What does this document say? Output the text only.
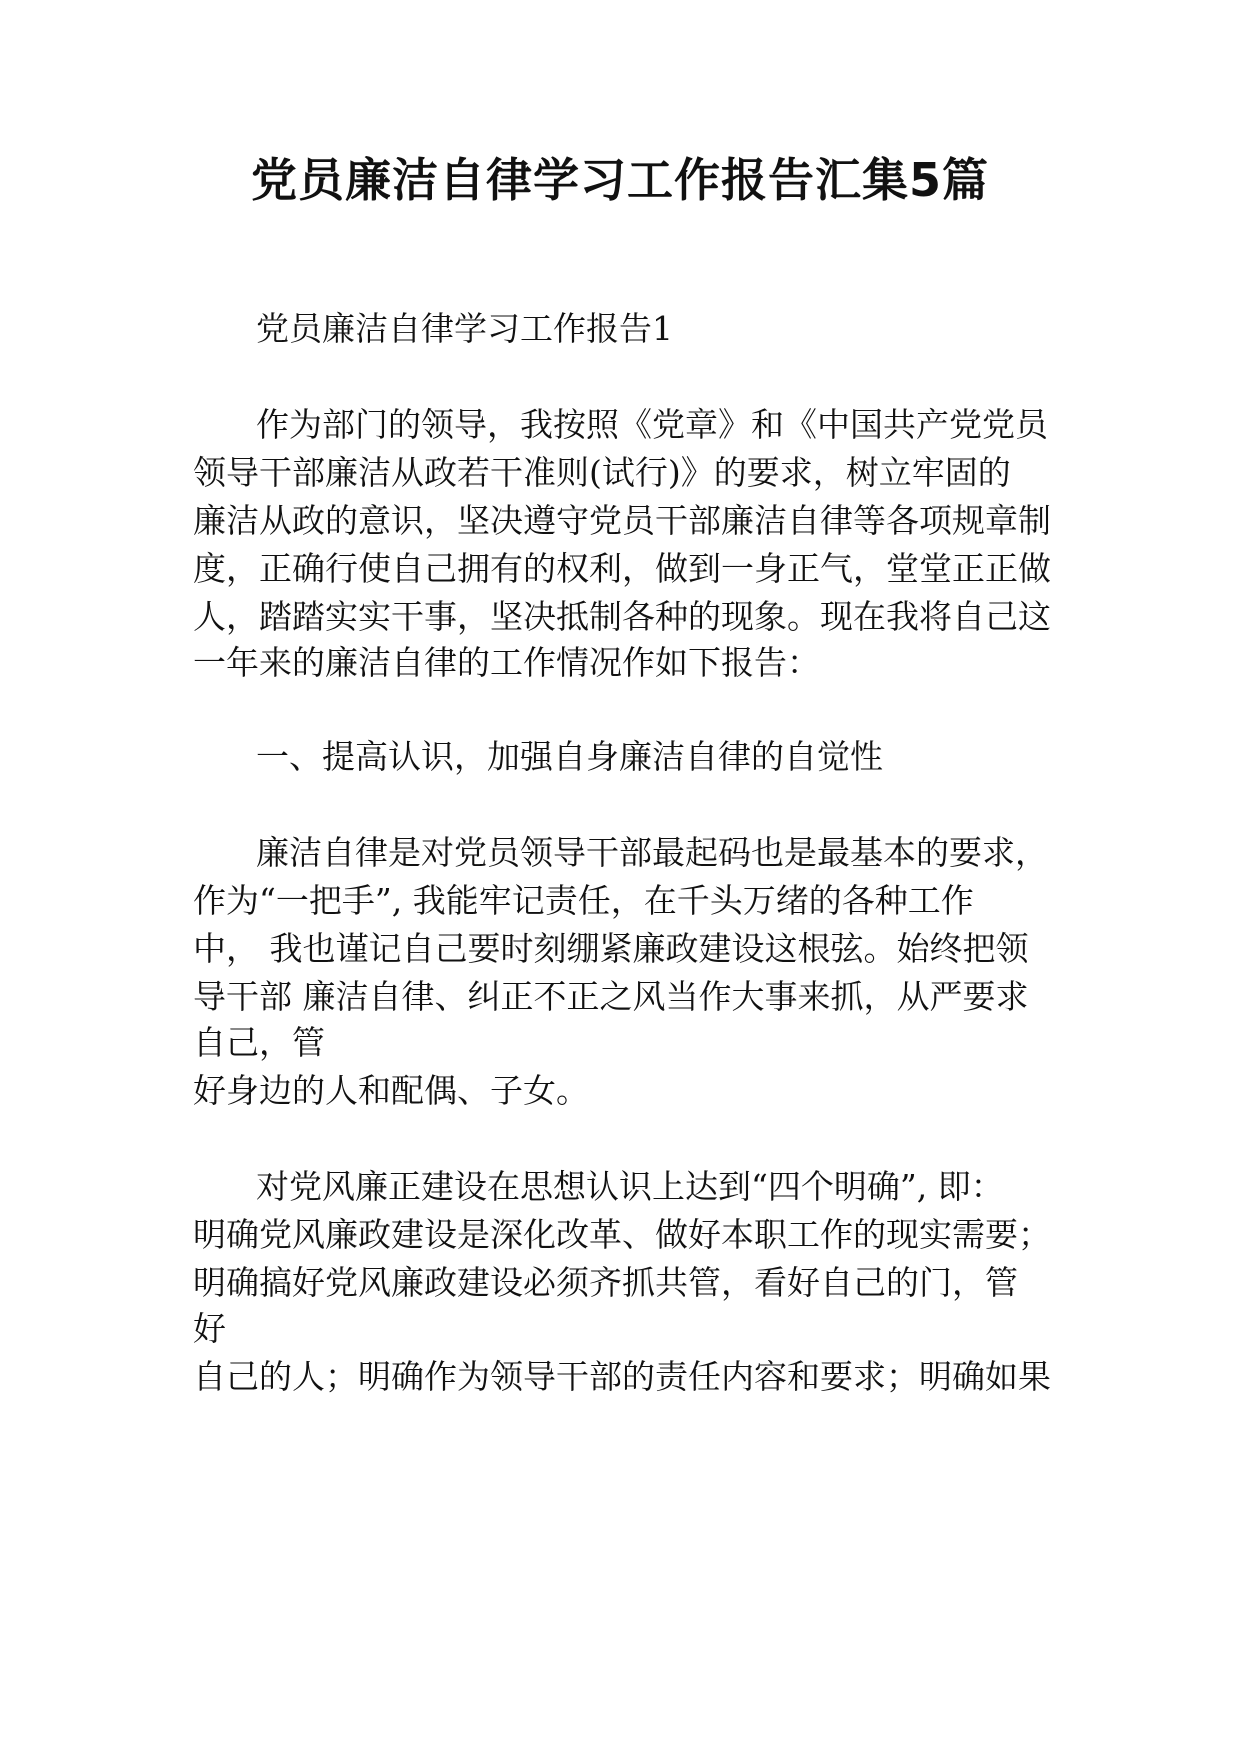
党员廉洁自律学习工作报告汇集5篇

党员廉洁自律学习工作报告1

作为部门的领导，我按照《党章》和《中国共产党党员

领导干部廉洁从政若干准则(试行)》的要求，树立牢固的

廉洁从政的意识，坚决遵守党员干部廉洁自律等各项规章制

度，正确行使自己拥有的权利，做到一身正气，堂堂正正做

人，踏踏实实干事，坚决抵制各种的现象。现在我将自己这

一年来的廉洁自律的工作情况作如下报告：

一、提高认识，加强自身廉洁自律的自觉性

廉洁自律是对党员领导干部最起码也是最基本的要求，

作为“一把手”, 我能牢记责任，在千头万绪的各种工作

中， 我也谨记自己要时刻绷紧廉政建设这根弦。始终把领

导干部 廉洁自律、纠正不正之风当作大事来抓，从严要求

自己，管

好身边的人和配偶、子女。

对党风廉正建设在思想认识上达到“四个明确”, 即：

明确党风廉政建设是深化改革、做好本职工作的现实需要；

明确搞好党风廉政建设必须齐抓共管，看好自己的门，管

好

自己的人；明确作为领导干部的责任内容和要求；明确如果
